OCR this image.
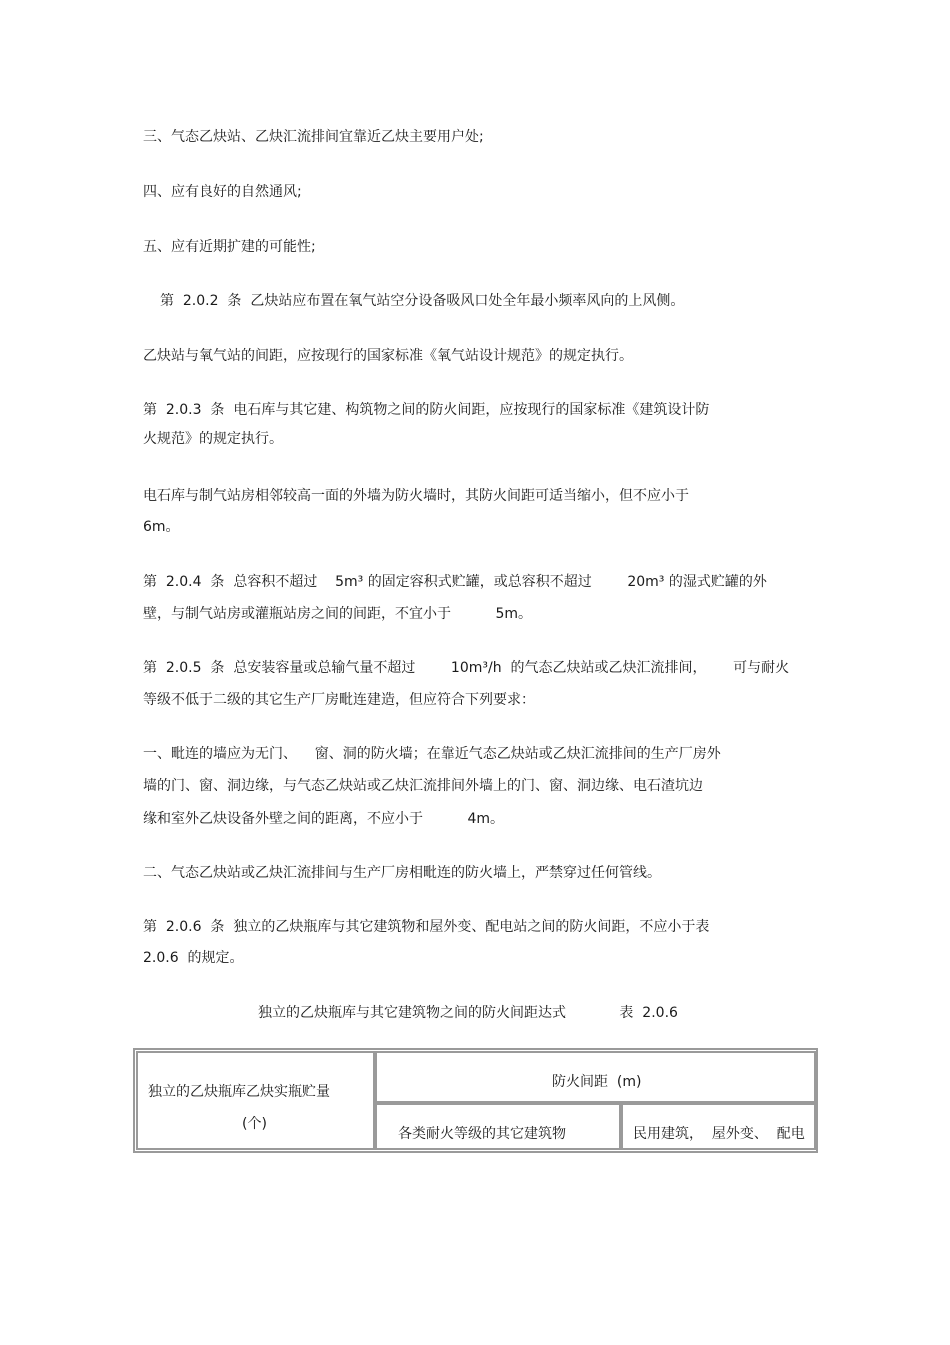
三、气态乙炔站、乙炔汇流排间宜靠近乙炔主要用户处;
四、应有良好的自然通风;
五、应有近期扩建的可能性;
第  2.0.2  条  乙炔站应布置在氧气站空分设备吸风口处全年最小频率风向的上风侧。
乙炔站与氧气站的间距，应按现行的国家标准《氧气站设计规范》的规定执行。
第  2.0.3  条  电石库与其它建、构筑物之间的防火间距，应按现行的国家标准《建筑设计防
火规范》的规定执行。
电石库与制气站房相邻较高一面的外墙为防火墙时，其防火间距可适当缩小，但不应小于
6m。
第  2.0.4  条  总容积不超过    5m³ 的固定容积式贮罐，或总容积不超过        20m³ 的湿式贮罐的外
壁，与制气站房或灌瓶站房之间的间距，不宜小于          5m。
第  2.0.5  条  总安装容量或总输气量不超过        10m³/h  的气态乙炔站或乙炔汇流排间，      可与耐火
等级不低于二级的其它生产厂房毗连建造，但应符合下列要求：
一、毗连的墙应为无门、    窗、洞的防火墙；在靠近气态乙炔站或乙炔汇流排间的生产厂房外
墙的门、窗、洞边缘，与气态乙炔站或乙炔汇流排间外墙上的门、窗、洞边缘、电石渣坑边
缘和室外乙炔设备外壁之间的距离，不应小于          4m。
二、气态乙炔站或乙炔汇流排间与生产厂房相毗连的防火墙上，严禁穿过任何管线。
第  2.0.6  条  独立的乙炔瓶库与其它建筑物和屋外变、配电站之间的防火间距，不应小于表
2.0.6  的规定。
独立的乙炔瓶库与其它建筑物之间的防火间距达式            表  2.0.6
独立的乙炔瓶库乙炔实瓶贮量
(个)
防火间距  (m)
各类耐火等级的其它建筑物	民用建筑，  屋外变、  配电
